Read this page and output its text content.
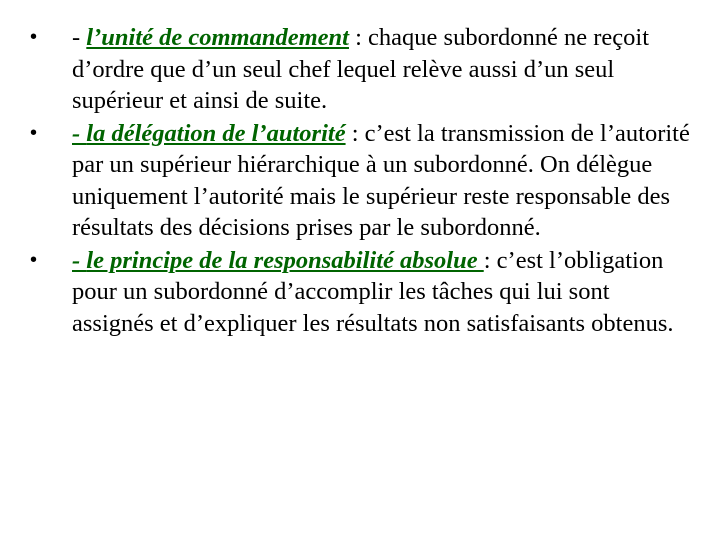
•	- l’unité de commandement : chaque subordonné ne reçoit d’ordre que d’un seul chef lequel relève aussi d’un seul supérieur et ainsi de suite.
•	- la délégation de l’autorité : c’est la transmission de l’autorité par un supérieur hiérarchique à un subordonné. On délègue uniquement l’autorité mais le supérieur reste responsable des résultats des décisions prises par le subordonné.
•	- le principe de la responsabilité absolue : c’est l’obligation pour un subordonné d’accomplir les tâches qui lui sont assignés et d’expliquer les résultats non satisfaisants obtenus.
